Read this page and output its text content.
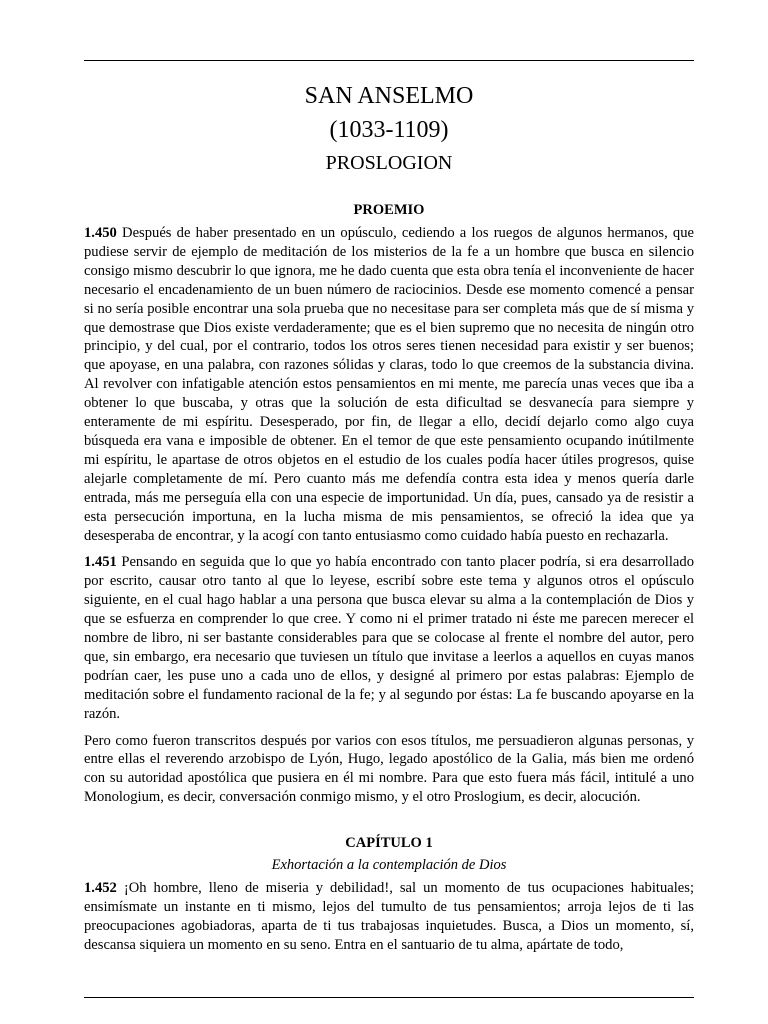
SAN ANSELMO
(1033-1109)
PROSLOGION
PROEMIO

1.450 Después de haber presentado en un opúsculo, cediendo a los ruegos de algunos hermanos, que pudiese servir de ejemplo de meditación de los misterios de la fe a un hombre que busca en silencio consigo mismo descubrir lo que ignora, me he dado cuenta que esta obra tenía el inconveniente de hacer necesario el encadenamiento de un buen número de raciocinios. Desde ese momento comencé a pensar si no sería posible encontrar una sola prueba que no necesitase para ser completa más que de sí misma y que demostrase que Dios existe verdaderamente; que es el bien supremo que no necesita de ningún otro principio, y del cual, por el contrario, todos los otros seres tienen necesidad para existir y ser buenos; que apoyase, en una palabra, con razones sólidas y claras, todo lo que creemos de la substancia divina. Al revolver con infatigable atención estos pensamientos en mi mente, me parecía unas veces que iba a obtener lo que buscaba, y otras que la solución de esta dificultad se desvanecía para siempre y enteramente de mi espíritu. Desesperado, por fin, de llegar a ello, decidí dejarlo como algo cuya búsqueda era vana e imposible de obtener. En el temor de que este pensamiento ocupando inútilmente mi espíritu, le apartase de otros objetos en el estudio de los cuales podía hacer útiles progresos, quise alejarle completamente de mí. Pero cuanto más me defendía contra esta idea y menos quería darle entrada, más me perseguía ella con una especie de importunidad. Un día, pues, cansado ya de resistir a esta persecución importuna, en la lucha misma de mis pensamientos, se ofreció la idea que ya desesperaba de encontrar, y la acogí con tanto entusiasmo como cuidado había puesto en rechazarla.

1.451 Pensando en seguida que lo que yo había encontrado con tanto placer podría, si era desarrollado por escrito, causar otro tanto al que lo leyese, escribí sobre este tema y algunos otros el opúsculo siguiente, en el cual hago hablar a una persona que busca elevar su alma a la contemplación de Dios y que se esfuerza en comprender lo que cree. Y como ni el primer tratado ni éste me parecen merecer el nombre de libro, ni ser bastante considerables para que se colocase al frente el nombre del autor, pero que, sin embargo, era necesario que tuviesen un título que invitase a leerlos a aquellos en cuyas manos podrían caer, les puse uno a cada uno de ellos, y designé al primero por estas palabras: Ejemplo de meditación sobre el fundamento racional de la fe; y al segundo por éstas: La fe buscando apoyarse en la razón.

Pero como fueron transcritos después por varios con esos títulos, me persuadieron algunas personas, y entre ellas el reverendo arzobispo de Lyón, Hugo, legado apostólico de la Galia, más bien me ordenó con su autoridad apostólica que pusiera en él mi nombre. Para que esto fuera más fácil, intitulé a uno Monologium, es decir, conversación conmigo mismo, y el otro Proslogium, es decir, alocución.

CAPÍTULO 1
Exhortación a la contemplación de Dios

1.452 ¡Oh hombre, lleno de miseria y debilidad!, sal un momento de tus ocupaciones habituales; ensimísmate un instante en ti mismo, lejos del tumulto de tus pensamientos; arroja lejos de ti las preocupaciones agobiadoras, aparta de ti tus trabajosas inquietudes. Busca, a Dios un momento, sí, descansa siquiera un momento en su seno. Entra en el santuario de tu alma, apártate de todo,
